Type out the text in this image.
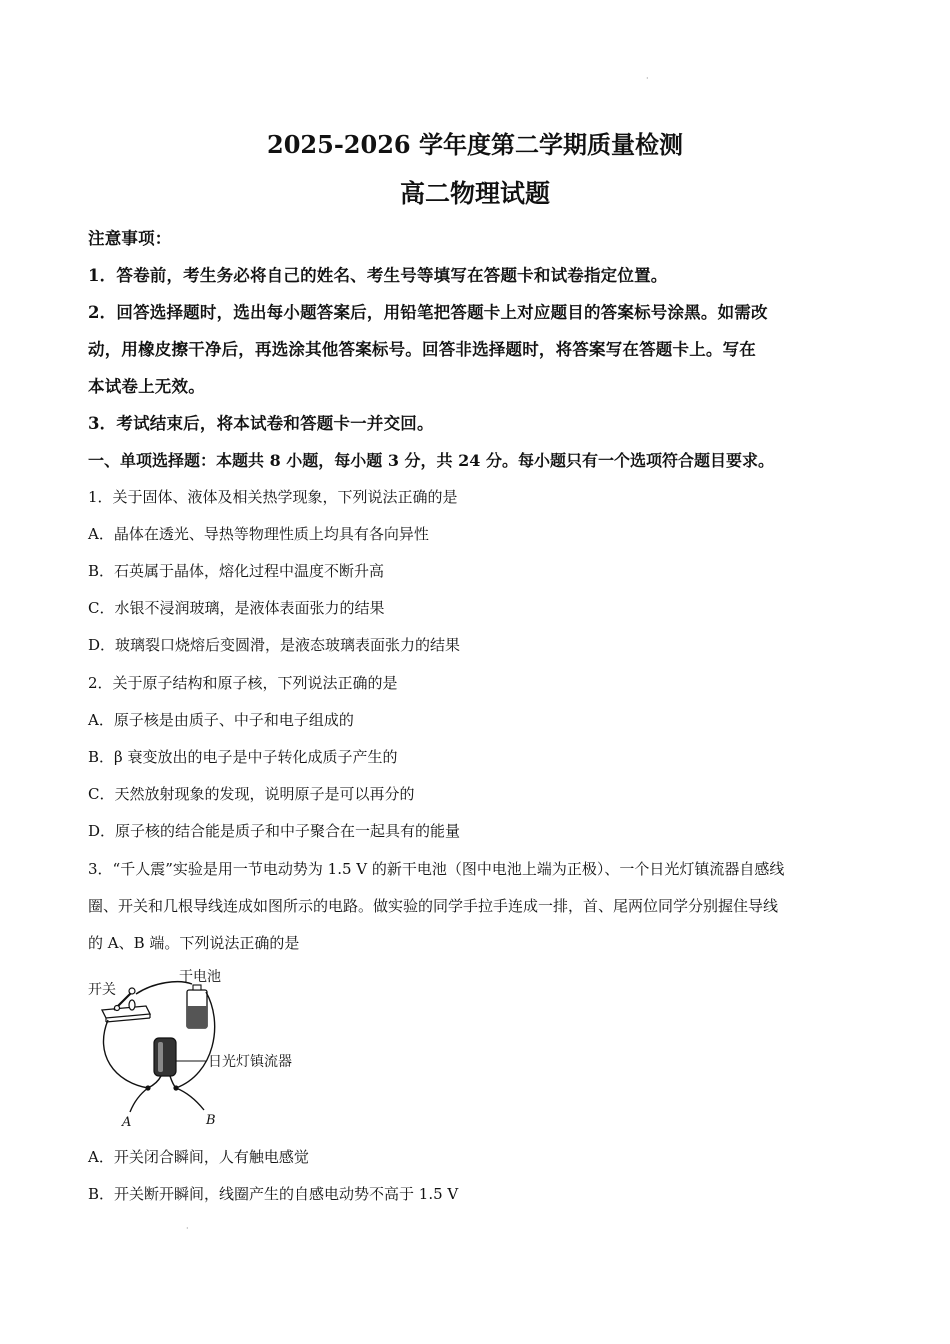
·
2025-2026 学年度第二学期质量检测
高二物理试题
注意事项：
1．答卷前，考生务必将自己的姓名、考生号等填写在答题卡和试卷指定位置。
2．回答选择题时，选出每小题答案后，用铅笔把答题卡上对应题目的答案标号涂黑。如需改
动，用橡皮擦干净后，再选涂其他答案标号。回答非选择题时，将答案写在答题卡上。写在
本试卷上无效。
3．考试结束后，将本试卷和答题卡一并交回。
一、单项选择题：本题共 8 小题，每小题 3 分，共 24 分。每小题只有一个选项符合题目要求。
1．关于固体、液体及相关热学现象，下列说法正确的是
A．晶体在透光、导热等物理性质上均具有各向异性
B．石英属于晶体，熔化过程中温度不断升高
C．水银不浸润玻璃，是液体表面张力的结果
D．玻璃裂口烧熔后变圆滑，是液态玻璃表面张力的结果
2．关于原子结构和原子核，下列说法正确的是
A．原子核是由质子、中子和电子组成的
B．β 衰变放出的电子是中子转化成质子产生的
C．天然放射现象的发现，说明原子是可以再分的
D．原子核的结合能是质子和中子聚合在一起具有的能量
3．“千人震”实验是用一节电动势为 1.5 V 的新干电池（图中电池上端为正极）、一个日光灯镇流器自感线
圈、开关和几根导线连成如图所示的电路。做实验的同学手拉手连成一排，首、尾两位同学分别握住导线
的 A、B 端。下列说法正确的是
开关
干电池
日光灯镇流器
A	B
A．开关闭合瞬间，人有触电感觉
B．开关断开瞬间，线圈产生的自感电动势不高于 1.5 V
·
